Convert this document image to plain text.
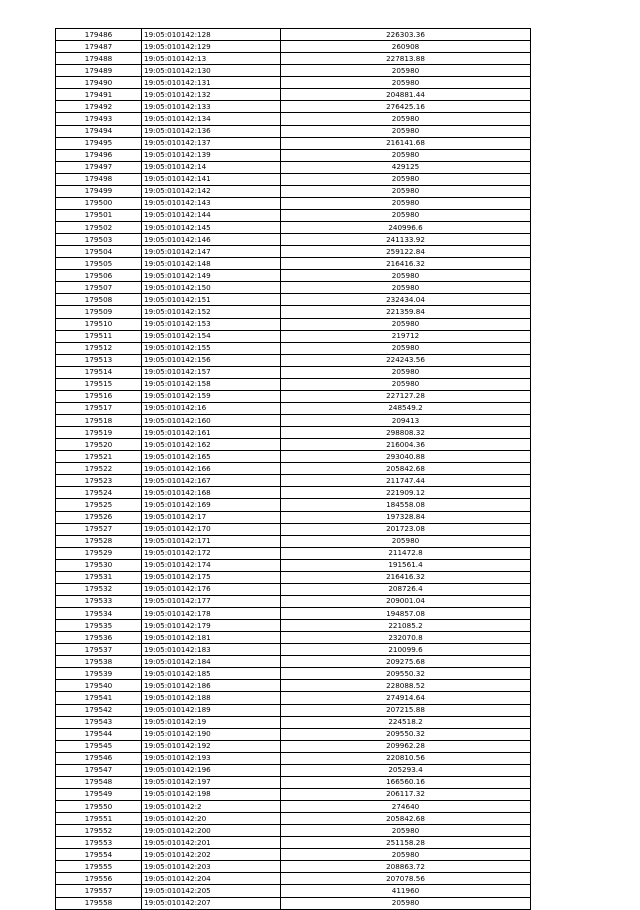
179486	19:05:010142:128	226303.36
179487	19:05:010142:129	260908
179488	19:05:010142:13	227813.88
179489	19:05:010142:130	205980
179490	19:05:010142:131	205980
179491	19:05:010142:132	204881.44
179492	19:05:010142:133	276425.16
179493	19:05:010142:134	205980
179494	19:05:010142:136	205980
179495	19:05:010142:137	216141.68
179496	19:05:010142:139	205980
179497	19:05:010142:14	429125
179498	19:05:010142:141	205980
179499	19:05:010142:142	205980
179500	19:05:010142:143	205980
179501	19:05:010142:144	205980
179502	19:05:010142:145	240996.6
179503	19:05:010142:146	241133.92
179504	19:05:010142:147	259122.84
179505	19:05:010142:148	216416.32
179506	19:05:010142:149	205980
179507	19:05:010142:150	205980
179508	19:05:010142:151	232434.04
179509	19:05:010142:152	221359.84
179510	19:05:010142:153	205980
179511	19:05:010142:154	219712
179512	19:05:010142:155	205980
179513	19:05:010142:156	224243.56
179514	19:05:010142:157	205980
179515	19:05:010142:158	205980
179516	19:05:010142:159	227127.28
179517	19:05:010142:16	248549.2
179518	19:05:010142:160	209413
179519	19:05:010142:161	298808.32
179520	19:05:010142:162	216004.36
179521	19:05:010142:165	293040.88
179522	19:05:010142:166	205842.68
179523	19:05:010142:167	211747.44
179524	19:05:010142:168	221909.12
179525	19:05:010142:169	184558.08
179526	19:05:010142:17	197328.84
179527	19:05:010142:170	201723.08
179528	19:05:010142:171	205980
179529	19:05:010142:172	211472.8
179530	19:05:010142:174	191561.4
179531	19:05:010142:175	216416.32
179532	19:05:010142:176	208726.4
179533	19:05:010142:177	209001.04
179534	19:05:010142:178	194857.08
179535	19:05:010142:179	221085.2
179536	19:05:010142:181	232070.8
179537	19:05:010142:183	210099.6
179538	19:05:010142:184	209275.68
179539	19:05:010142:185	209550.32
179540	19:05:010142:186	228088.52
179541	19:05:010142:188	274914.64
179542	19:05:010142:189	207215.88
179543	19:05:010142:19	224518.2
179544	19:05:010142:190	209550.32
179545	19:05:010142:192	209962.28
179546	19:05:010142:193	220810.56
179547	19:05:010142:196	205293.4
179548	19:05:010142:197	166560.16
179549	19:05:010142:198	206117.32
179550	19:05:010142:2	274640
179551	19:05:010142:20	205842.68
179552	19:05:010142:200	205980
179553	19:05:010142:201	251158.28
179554	19:05:010142:202	205980
179555	19:05:010142:203	208863.72
179556	19:05:010142:204	207078.56
179557	19:05:010142:205	411960
179558	19:05:010142:207	205980
